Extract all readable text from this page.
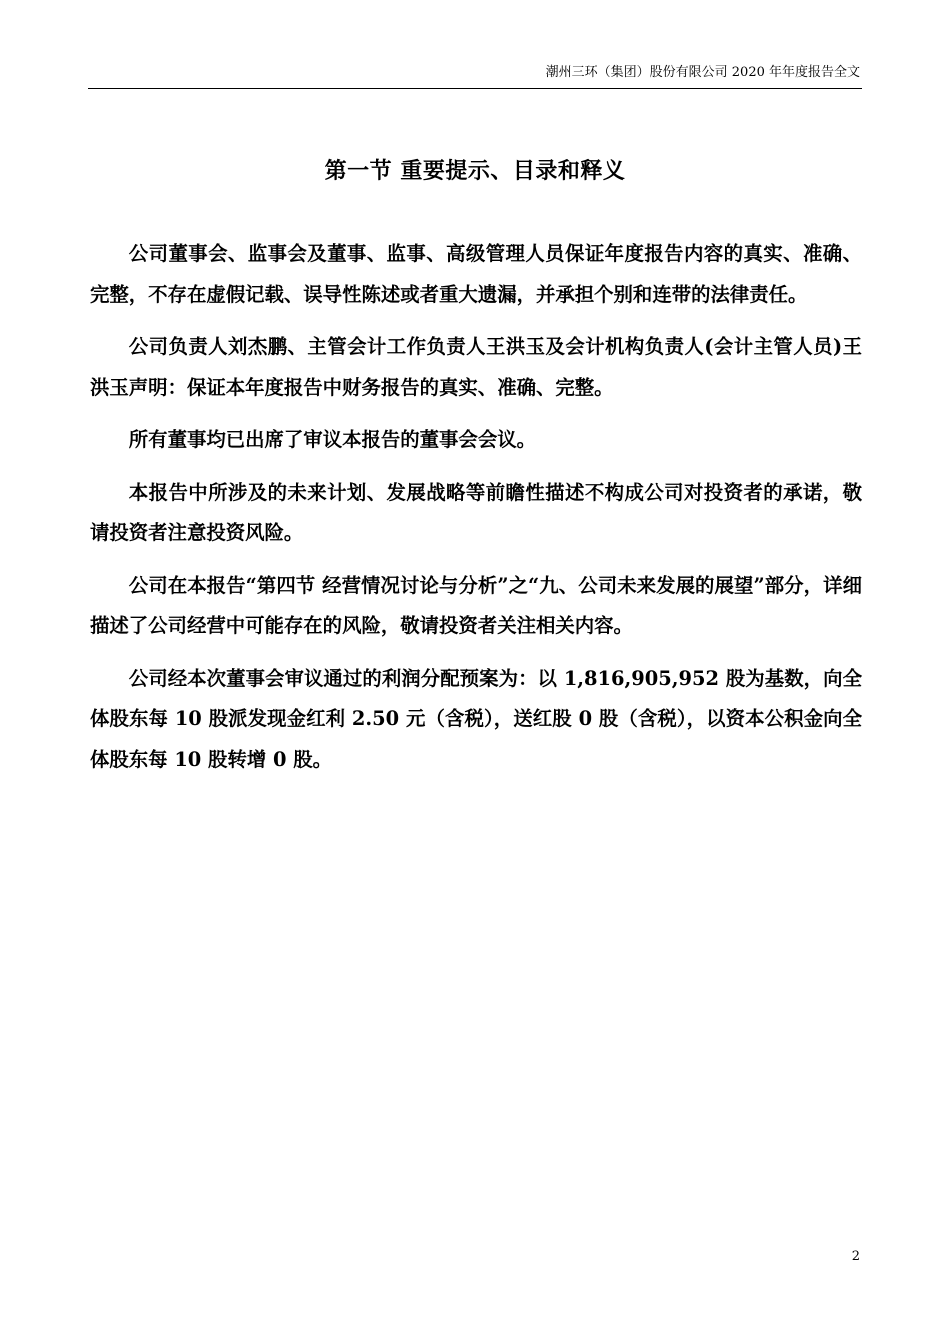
潮州三环（集团）股份有限公司 2020 年年度报告全文
第一节 重要提示、目录和释义

公司董事会、监事会及董事、监事、高级管理人员保证年度报告内容的真实、准确、完整，不存在虚假记载、误导性陈述或者重大遗漏，并承担个别和连带的法律责任。

公司负责人刘杰鹏、主管会计工作负责人王洪玉及会计机构负责人(会计主管人员)王洪玉声明：保证本年度报告中财务报告的真实、准确、完整。

所有董事均已出席了审议本报告的董事会会议。

本报告中所涉及的未来计划、发展战略等前瞻性描述不构成公司对投资者的承诺，敬请投资者注意投资风险。

公司在本报告“第四节 经营情况讨论与分析”之“九、公司未来发展的展望”部分，详细描述了公司经营中可能存在的风险，敬请投资者关注相关内容。

公司经本次董事会审议通过的利润分配预案为：以 1,816,905,952 股为基数，向全体股东每 10 股派发现金红利 2.50 元（含税），送红股 0 股（含税），以资本公积金向全体股东每 10 股转增 0 股。

2
